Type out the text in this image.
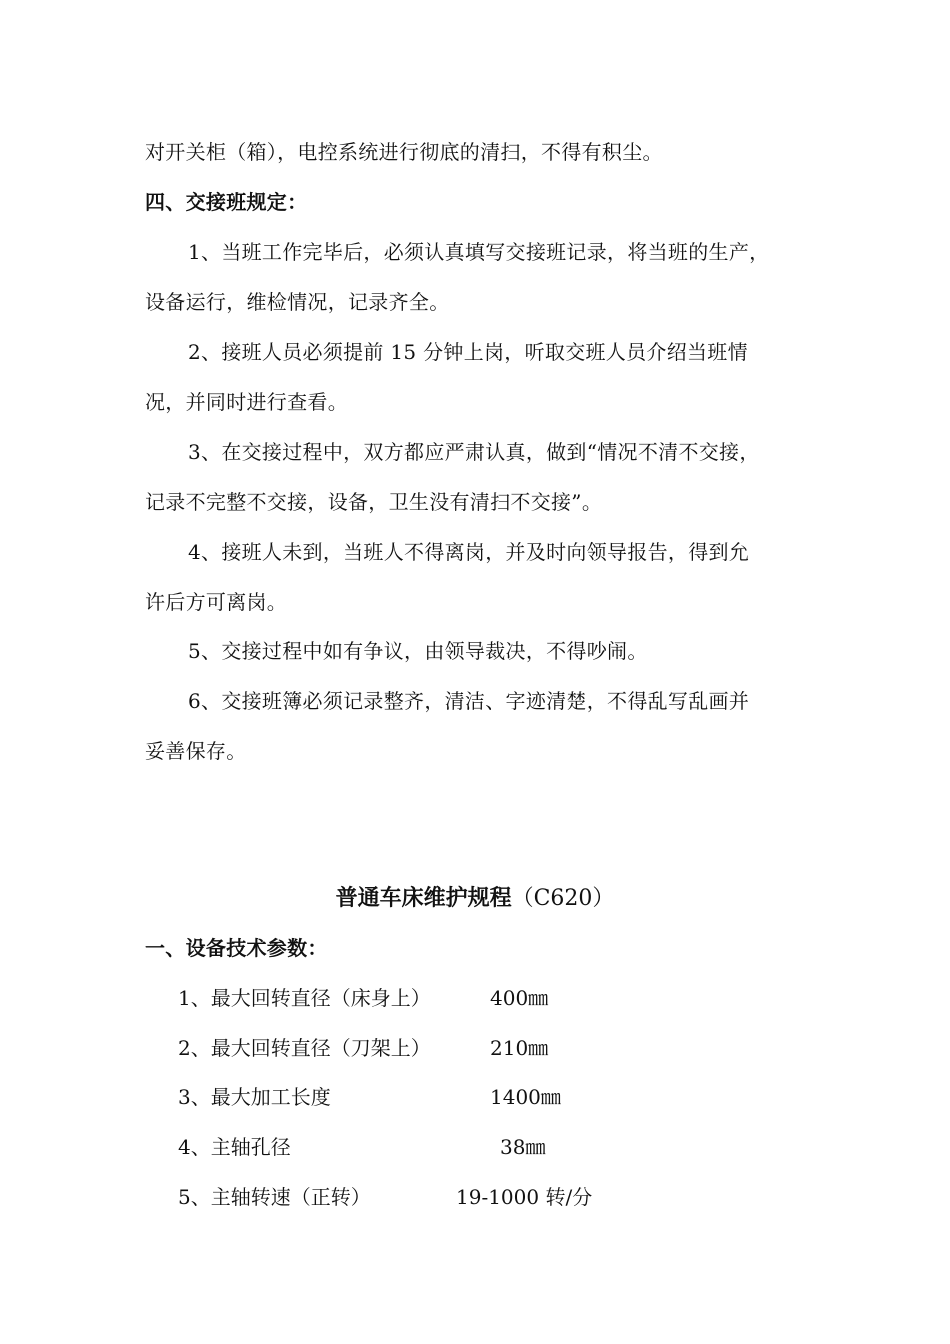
对开关柜（箱），电控系统进行彻底的清扫，不得有积尘。
四、交接班规定：
1、当班工作完毕后，必须认真填写交接班记录，将当班的生产，
设备运行，维检情况，记录齐全。
2、接班人员必须提前 15 分钟上岗，听取交班人员介绍当班情
况，并同时进行查看。
3、在交接过程中，双方都应严肃认真，做到“情况不清不交接，
记录不完整不交接，设备，卫生没有清扫不交接”。
4、接班人未到，当班人不得离岗，并及时向领导报告，得到允
许后方可离岗。
5、交接过程中如有争议，由领导裁决，不得吵闹。
6、交接班簿必须记录整齐，清洁、字迹清楚，不得乱写乱画并
妥善保存。
普通车床维护规程（C620）
一、设备技术参数：
1、最大回转直径（床身上）	400㎜
2、最大回转直径（刀架上）	210㎜
3、最大加工长度	1400㎜
4、主轴孔径	38㎜
5、主轴转速（正转）	19-1000 转/分
